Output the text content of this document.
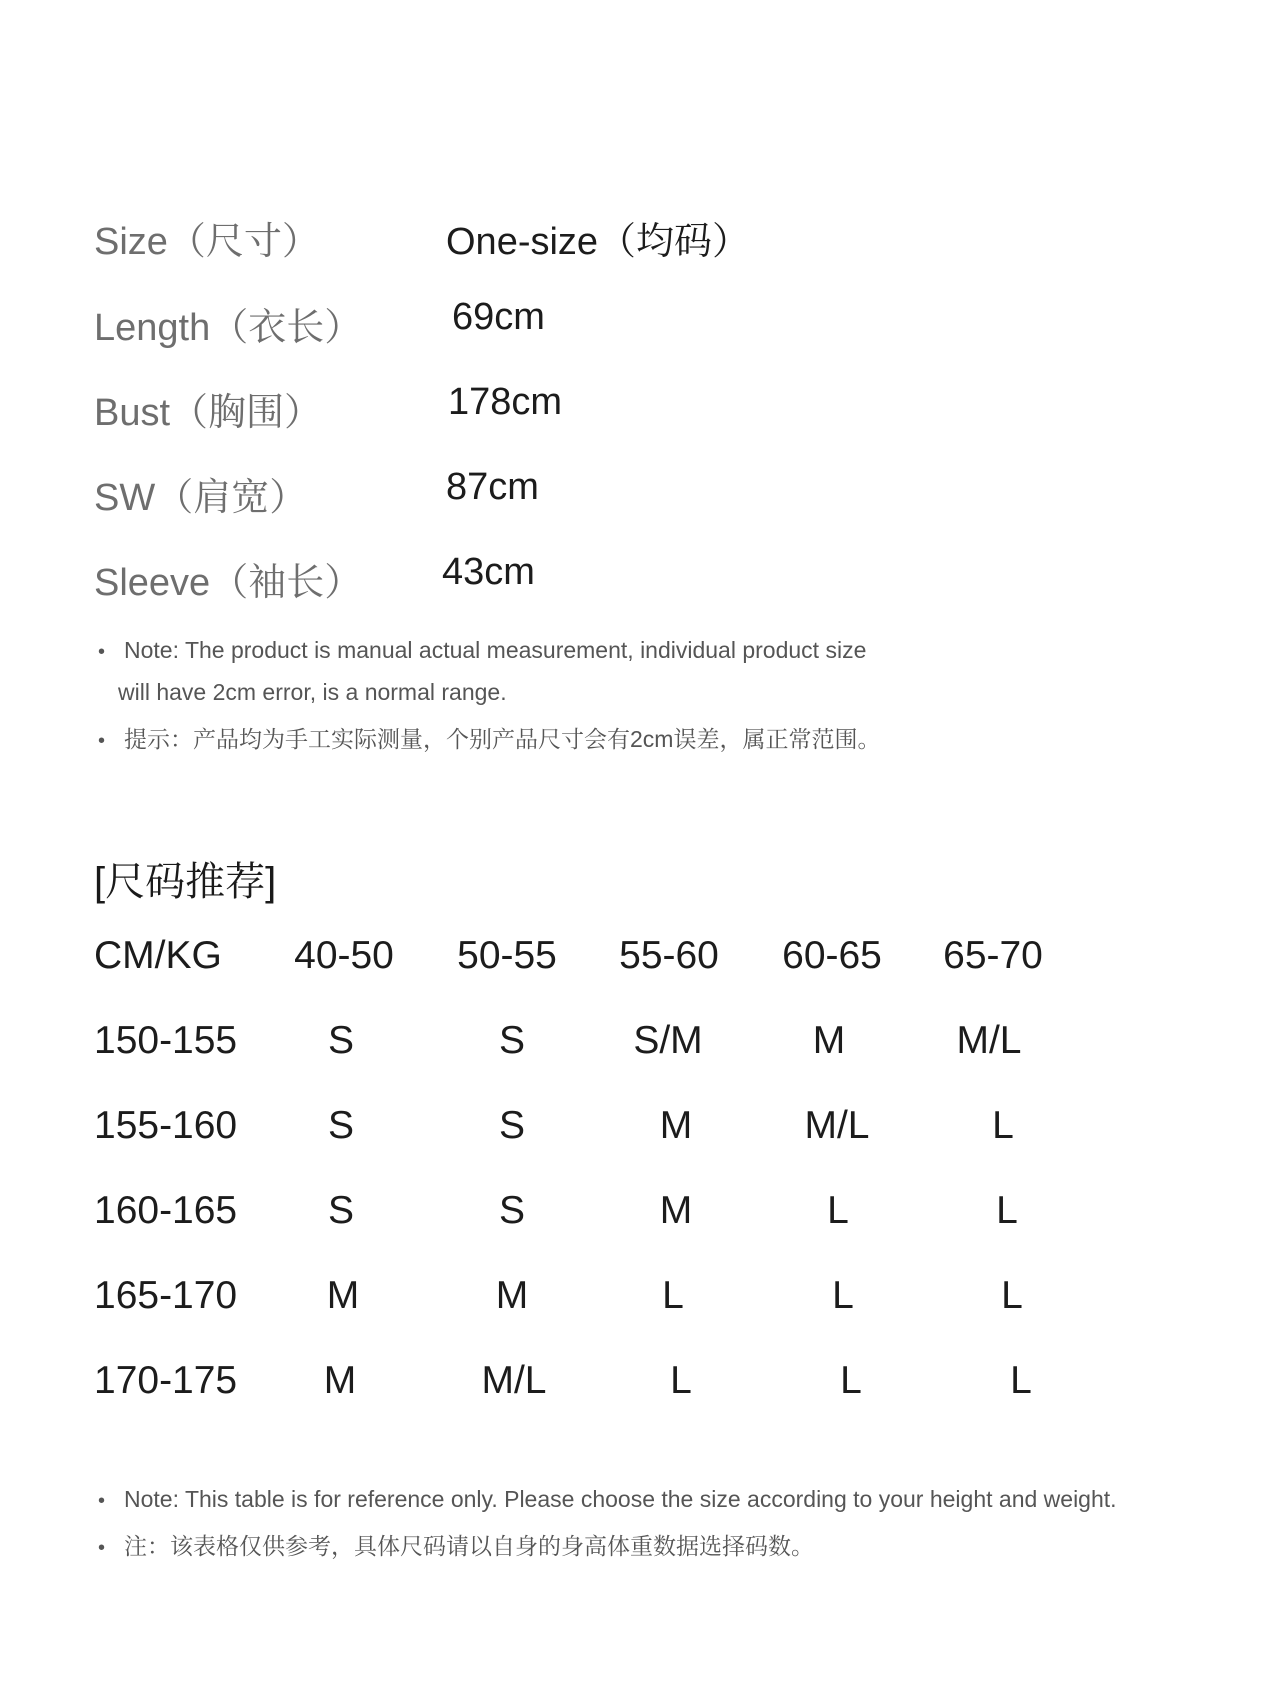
Size（尺寸）	One-size（均码）
Length（衣长） 69cm
Bust（胸围）	178cm
SW（肩宽）	87cm
Sleeve（袖长） 43cm
• Note: The product is manual actual measurement, individual product size
will have 2cm error, is a normal range.
• 提示：产品均为手工实际测量，个别产品尺寸会有2cm误差，属正常范围。
[尺码推荐]
CM/KG	40-50	50-55	55-60	60-65	65-70
150-155	S	S	S/M	M	M/L
155-160	S	S	M	M/L	L
160-165	S	S	M	L	L
165-170	M	M	L	L	L
170-175	M	M/L	L	L	L
• Note: This table is for reference only. Please choose the size according to your height and weight.
• 注：该表格仅供参考，具体尺码请以自身的身高体重数据选择码数。
